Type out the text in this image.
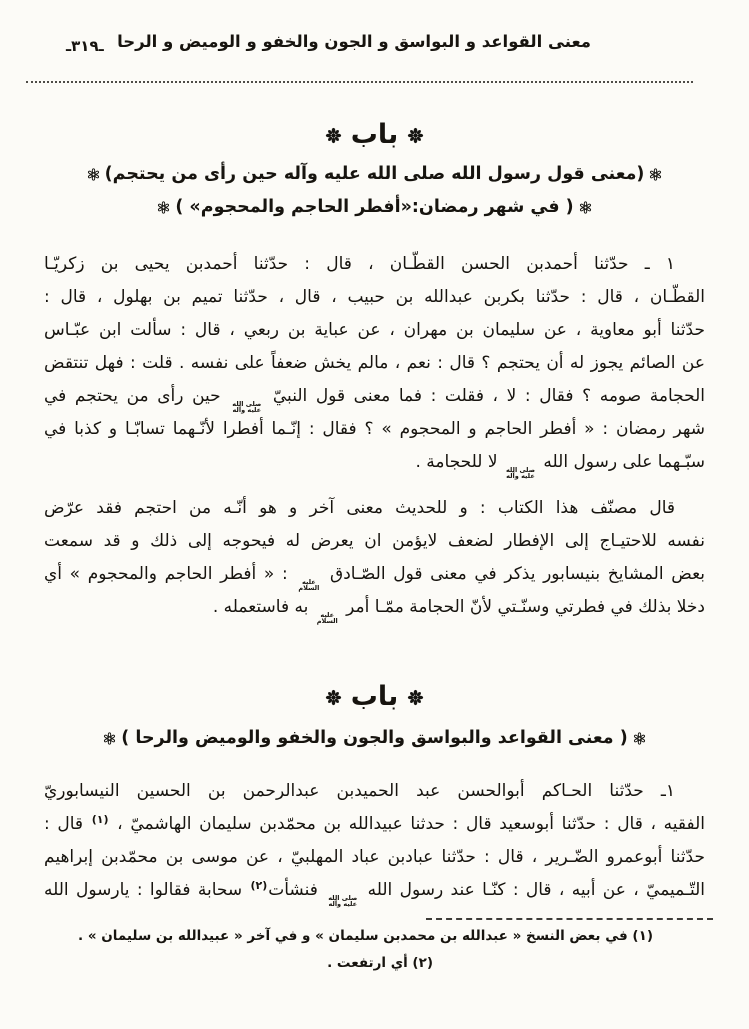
معنى القواعد و البواسق و الجون والخفو و الوميض و الرحا
ـ٣١٩ـ
باب
(معنى قول رسول الله صلى الله عليه وآله حين رأى من يحتجم)
( في شهر رمضان:«أفطر الحاجم والمحجوم» )
١ ـ حدّثنا أحمدبن الحسن القطّـان ، قال : حدّثنا أحمدبن يحيى بن زكريّـا
القطّـان ، قال : حدّثنا بكربن عبدالله بن حبيب ، قال ، حدّثنا تميم بن بهلول ، قال :
حدّثنا أبو معاوية ، عن سليمان بن مهران ، عن عباية بن ربعي ، قال : سألت ابن عبّـاس
عن الصائم يجوز له أن يحتجم ؟ قال : نعم ، مالم يخش ضعفاً على نفسه . قلت : فهل تنتقض
الحجامة صومه ؟ فقال : لا ، فقلت : فما معنى قول النبيّ
صلى الله
عليه وآله
حين رأى من يحتجم في
شهر رمضان : « أفطر الحاجم و المحجوم » ؟ فقال : إنّـما أفطرا لأنّـهما تسابّـا و كذبا في
سبّـهما على رسول الله
صلى الله
عليه وآله
لا للحجامة .
قال مصنّف هذا الكتاب : و للحديث معنى آخر و هو أنّـه من احتجم فقد عرّض
نفسه للاحتيـاج إلى الإفطار لضعف لايؤمن ان يعرض له فيحوجه إلى ذلك و قد سمعت
بعض المشايخ بنيسابور يذكر في معنى قول الصّـادق
عليه
السلام
: « أفطر الحاجم والمحجوم » أي
دخلا بذلك في فطرتي وسنّـتي لأنّ الحجامة ممّـا أمر
عليه
السلام
به فاستعمله .
باب
( معنى القواعد والبواسق والجون والخفو والوميض والرحا )
١ـ حدّثنا الحـاكم أبوالحسن عبد الحميدبن عبدالرحمن بن الحسين النيسابوريّ
الفقيه ، قال : حدّثنا أبوسعيد قال : حدثنا عبيدالله بن محمّدبن سليمان الهاشميّ ، $^{(١)}$ قال :
حدّثنا أبوعمرو الضّـرير ، قال : حدّثنا عبادبن عباد المهلبيّ ، عن موسى بن محمّدبن إبراهيم
التّـميميّ ، عن أبيه ، قال : كنّـا عند رسول الله
صلى الله
عليه وآله
فنشأت$^{(٢)}$ سحابة فقالوا : يارسول الله
(١) في بعض النسخ « عبدالله بن محمدبن سليمان » و في آخر « عبيدالله بن سليمان » .
(٢) أي ارتفعت .
